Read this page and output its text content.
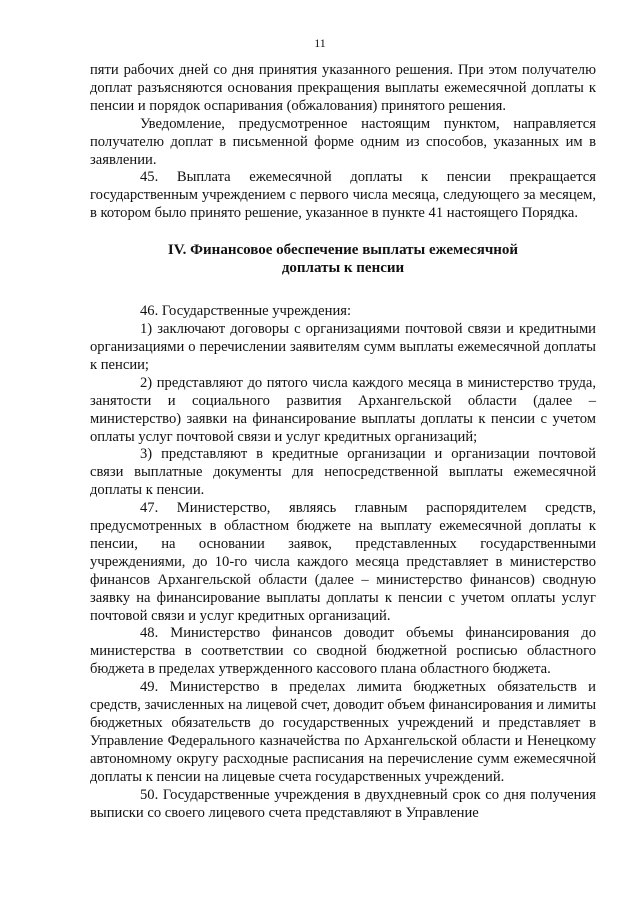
11

пяти рабочих дней со дня принятия указанного решения. При этом получателю доплат разъясняются основания прекращения выплаты ежемесячной доплаты к пенсии и порядок оспаривания (обжалования) принятого решения.

Уведомление, предусмотренное настоящим пунктом, направляется получателю доплат в письменной форме одним из способов, указанных им в заявлении.

45. Выплата ежемесячной доплаты к пенсии прекращается государственным учреждением с первого числа месяца, следующего за месяцем, в котором было принято решение, указанное в пункте 41 настоящего Порядка.

IV. Финансовое обеспечение выплаты ежемесячной
доплаты к пенсии

46. Государственные учреждения:

1) заключают договоры с организациями почтовой связи и кредитными организациями о перечислении заявителям сумм выплаты ежемесячной доплаты к пенсии;

2) представляют до пятого числа каждого месяца в министерство труда, занятости и социального развития Архангельской области (далее – министерство) заявки на финансирование выплаты доплаты к пенсии с учетом оплаты услуг почтовой связи и услуг кредитных организаций;

3) представляют в кредитные организации и организации почтовой связи выплатные документы для непосредственной выплаты ежемесячной доплаты к пенсии.

47. Министерство, являясь главным распорядителем средств, предусмотренных в областном бюджете на выплату ежемесячной доплаты к пенсии, на основании заявок, представленных государственными учреждениями, до 10-го числа каждого месяца представляет в министерство финансов Архангельской области (далее – министерство финансов) сводную заявку на финансирование выплаты доплаты к пенсии с учетом оплаты услуг почтовой связи и услуг кредитных организаций.

48. Министерство финансов доводит объемы финансирования до министерства в соответствии со сводной бюджетной росписью областного бюджета в пределах утвержденного кассового плана областного бюджета.

49. Министерство в пределах лимита бюджетных обязательств и средств, зачисленных на лицевой счет, доводит объем финансирования и лимиты бюджетных обязательств до государственных учреждений и представляет в Управление Федерального казначейства по Архангельской области и Ненецкому автономному округу расходные расписания на перечисление сумм ежемесячной доплаты к пенсии на лицевые счета государственных учреждений.

50. Государственные учреждения в двухдневный срок со дня получения выписки со своего лицевого счета представляют в Управление
